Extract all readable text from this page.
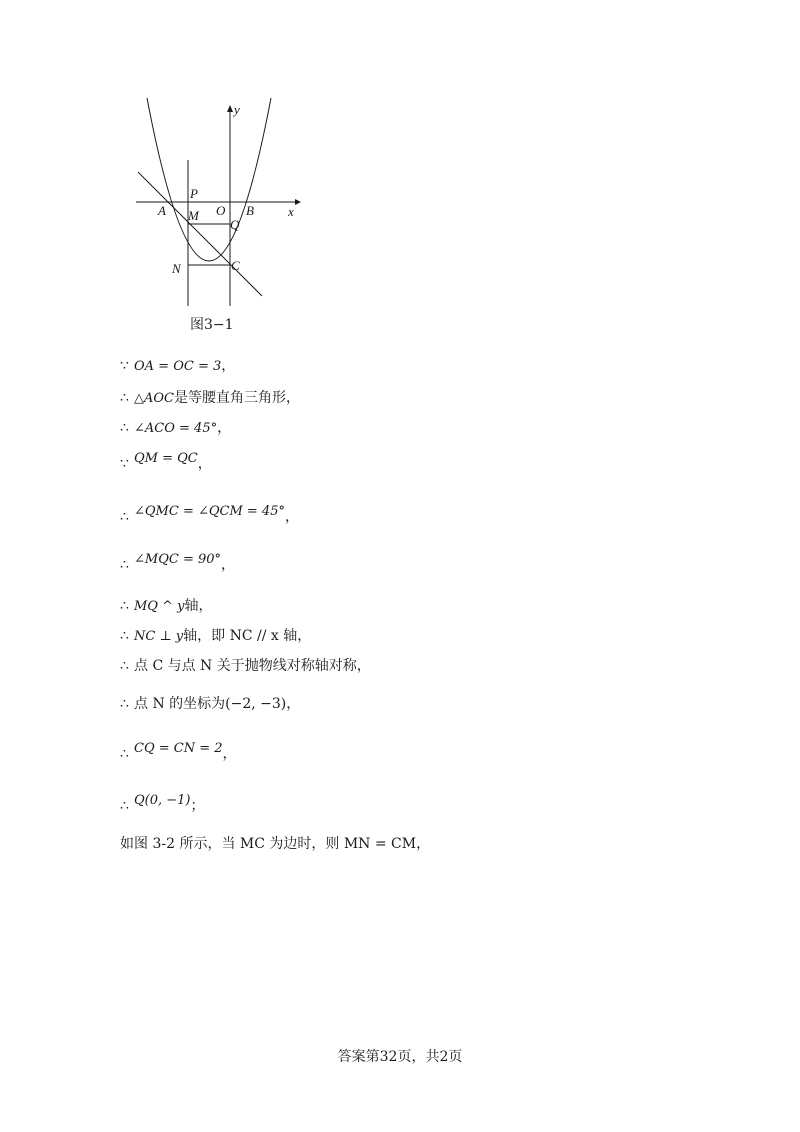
y
x
P
O
A M	B
Q
N	C
图3−1
∵ OA = OC = 3，
∴ △AOC是等腰直角三角形，
∴ ∠ACO = 45°，
∵ QM = QC，
∴ ∠QMC = ∠QCM = 45°，
∴ ∠MQC = 90°，
∴ MQ ^ y轴，
∴ NC ⊥ y轴，即 NC // x 轴，
∴ 点 C 与点 N 关于抛物线对称轴对称，
∴ 点 N 的坐标为(−2, −3)，
∴ CQ = CN = 2，
∴ Q(0, −1)；
如图 3-2 所示，当 MC 为边时，则 MN = CM，
答案第32页，共2页
